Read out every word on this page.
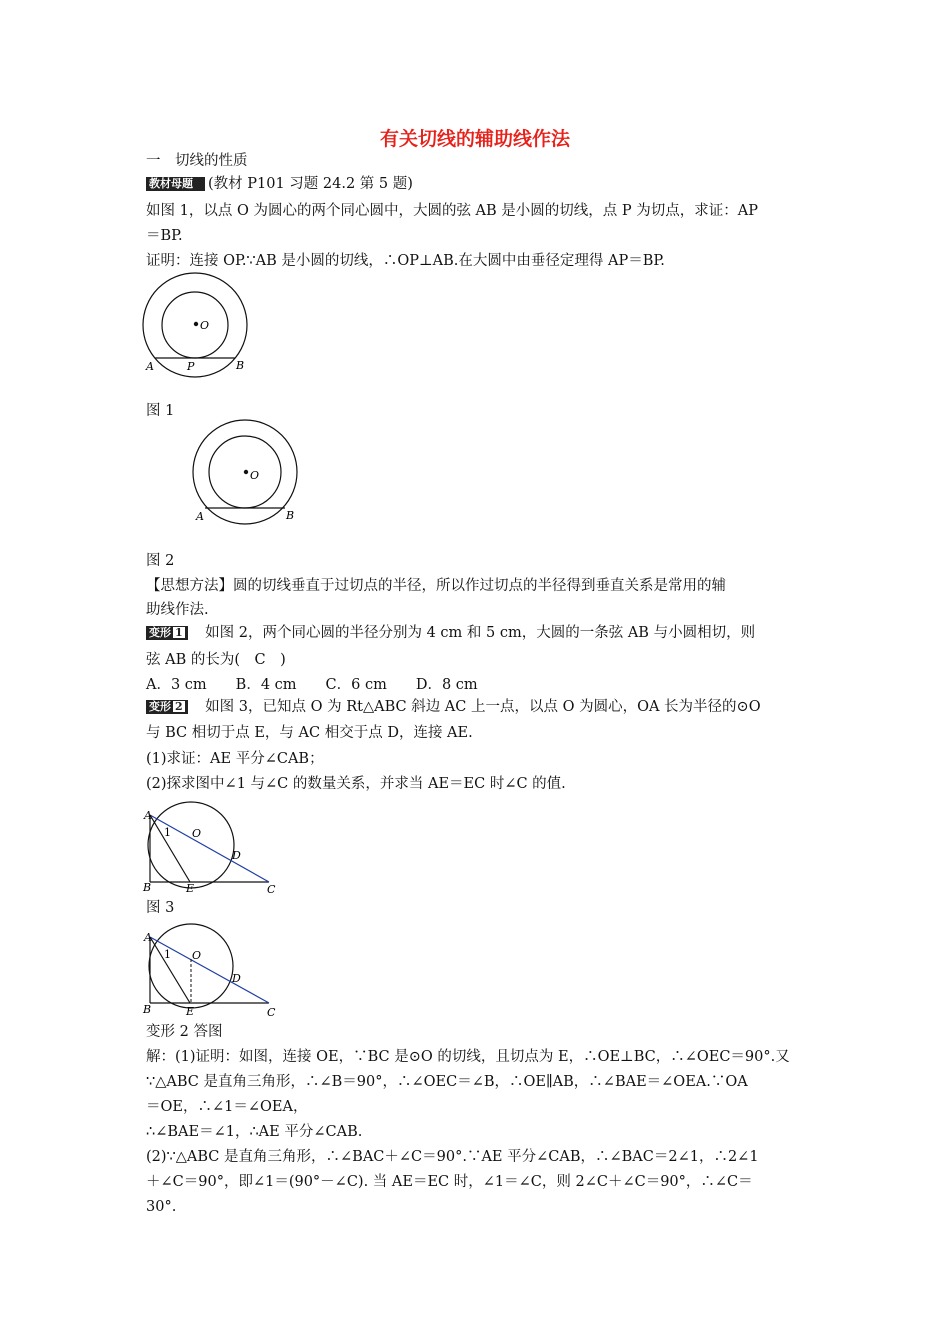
有关切线的辅助线作法
一　切线的性质
教材母题 (教材 P101 习题 24.2 第 5 题)
如图 1，以点 O 为圆心的两个同心圆中，大圆的弦 AB 是小圆的切线，点 P 为切点，求证：AP
＝BP.
证明：连接 OP.∵AB 是小圆的切线，∴OP⊥AB.在大圆中由垂径定理得 AP＝BP.
O
A	P	B
图 1
O
A	B
图 2
【思想方法】圆的切线垂直于过切点的半径，所以作过切点的半径得到垂直关系是常用的辅
助线作法.
变形 1　 如图 2，两个同心圆的半径分别为 4 cm 和 5 cm，大圆的一条弦 AB 与小圆相切，则
弦 AB 的长为(　C　)
A．3 cm　　B．4 cm　　C．6 cm　　D．8 cm
变形 2　 如图 3，已知点 O 为 Rt△ABC 斜边 AC 上一点，以点 O 为圆心，OA 长为半径的⊙O
与 BC 相切于点 E，与 AC 相交于点 D，连接 AE.
(1)求证：AE 平分∠CAB；
(2)探求图中∠1 与∠C 的数量关系，并求当 AE＝EC 时∠C 的值.
A
1 O
D
B	E	C
图 3
A
1 O
D
B	E	C
变形 2 答图
解：(1)证明：如图，连接 OE，∵BC 是⊙O 的切线，且切点为 E，∴OE⊥BC，∴∠OEC＝90°.又
∵△ABC 是直角三角形，∴∠B＝90°，∴∠OEC＝∠B，∴OE∥AB，∴∠BAE＝∠OEA.∵OA
＝OE，∴∠1＝∠OEA，
∴∠BAE＝∠1，∴AE 平分∠CAB.
(2)∵△ABC 是直角三角形，∴∠BAC＋∠C＝90°.∵AE 平分∠CAB，∴∠BAC＝2∠1，∴2∠1
＋∠C＝90°，即∠1＝(90°－∠C). 当 AE＝EC 时，∠1＝∠C，则 2∠C＋∠C＝90°，∴∠C＝
30°.
